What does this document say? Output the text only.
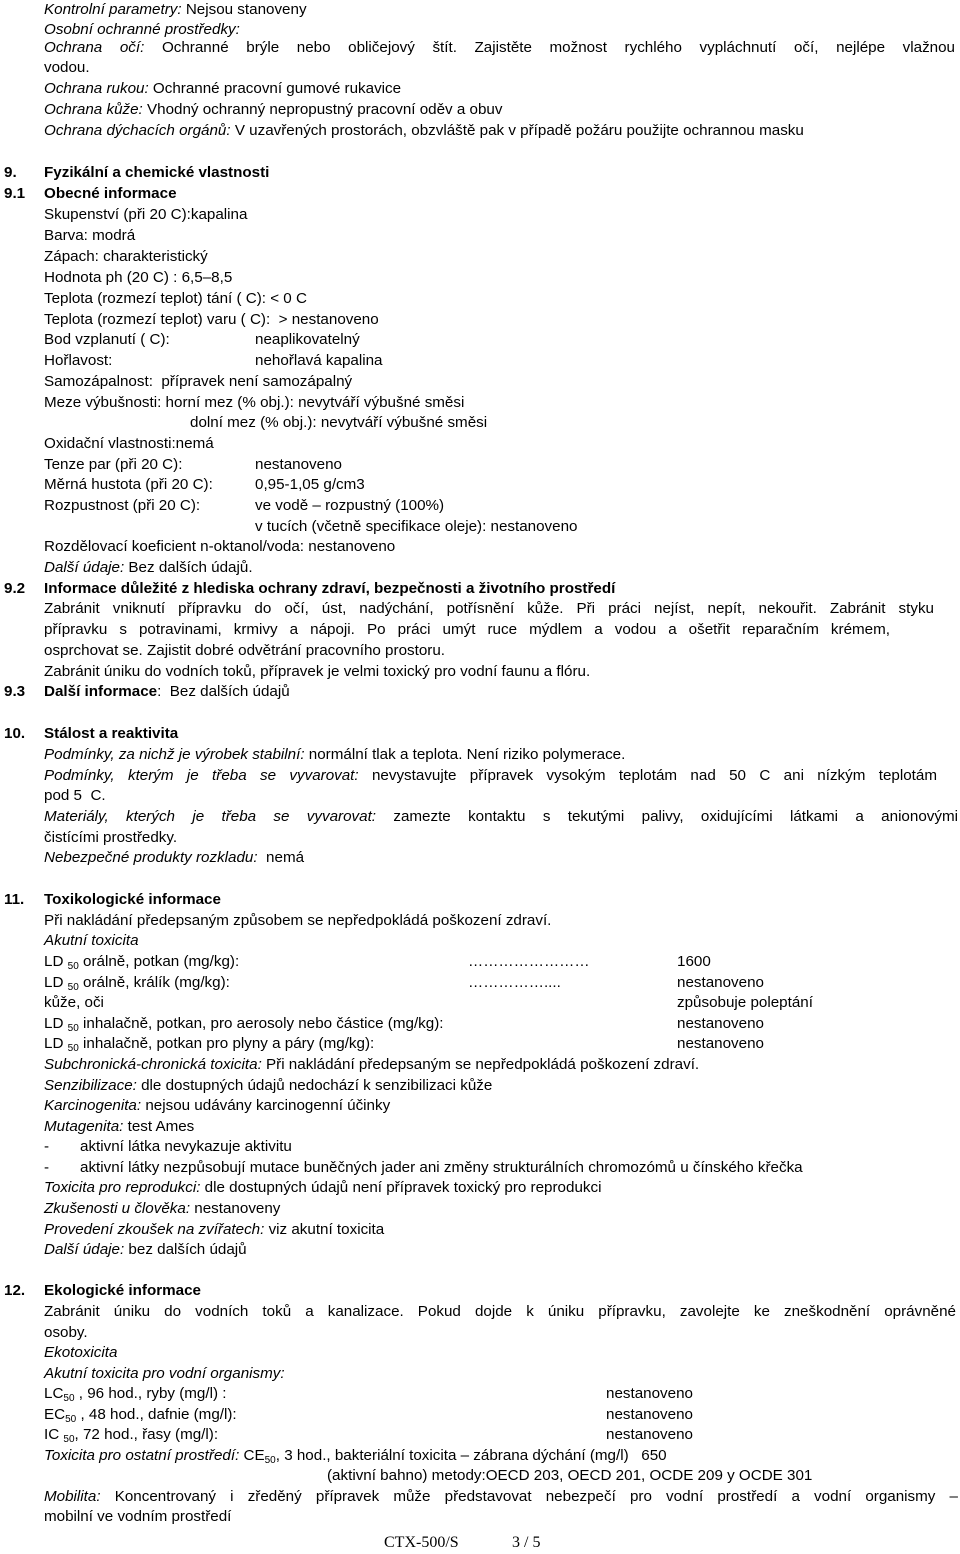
Kontrolní parametry: Nejsou stanoveny
Osobní ochranné prostředky:
Ochrana očí: Ochranné brýle nebo obličejový štít. Zajistěte možnost rychlého vypláchnutí očí, nejlépe vlažnou
vodou.
Ochrana rukou: Ochranné pracovní gumové rukavice
Ochrana kůže: Vhodný ochranný nepropustný pracovní oděv a obuv
Ochrana dýchacích orgánů: V uzavřených prostorách, obzvláště pak v případě požáru použijte ochrannou masku
9. Fyzikální a chemické vlastnosti
9.1 Obecné informace
Skupenství (při 20 C):kapalina
Barva: modrá
Zápach: charakteristický
Hodnota ph (20 C) : 6,5–8,5
Teplota (rozmezí teplot) tání ( C): < 0 C
Teplota (rozmezí teplot) varu ( C):  > nestanoveno
Bod vzplanutí ( C):	neaplikovatelný
Hořlavost:	nehořlavá kapalina
Samozápalnost:  přípravek není samozápalný
Meze výbušnosti: horní mez (% obj.): nevytváří výbušné směsi
dolní mez (% obj.): nevytváří výbušné směsi
Oxidační vlastnosti:nemá
Tenze par (při 20 C):	nestanoveno
Měrná hustota (při 20 C):	0,95-1,05 g/cm3
Rozpustnost (při 20 C):	ve vodě – rozpustný (100%)
v tucích (včetně specifikace oleje): nestanoveno
Rozdělovací koeficient n-oktanol/voda: nestanoveno
Další údaje: Bez dalších údajů.
9.2 Informace důležité z hlediska ochrany zdraví, bezpečnosti a životního prostředí
Zabránit vniknutí přípravku do očí, úst, nadýchání, potřísnění kůže. Při práci nejíst, nepít, nekouřit. Zabránit styku
přípravku s potravinami, krmivy a nápoji. Po práci umýt ruce mýdlem a vodou a ošetřit reparačním krémem,
osprchovat se. Zajistit dobré odvětrání pracovního prostoru.
Zabránit úniku do vodních toků, přípravek je velmi toxický pro vodní faunu a flóru.
9.3 Další informace:  Bez dalších údajů
10. Stálost a reaktivita
Podmínky, za nichž je výrobek stabilní: normální tlak a teplota. Není riziko polymerace.
Podmínky, kterým je třeba se vyvarovat: nevystavujte přípravek vysokým teplotám nad 50 C ani nízkým teplotám
pod 5  C.
Materiály, kterých je třeba se vyvarovat: zamezte kontaktu s tekutými palivy, oxidujícími látkami a anionovými
čistícími prostředky.
Nebezpečné produkty rozkladu:  nemá
11. Toxikologické informace
Při nakládání předepsaným způsobem se nepředpokládá poškození zdraví.
Akutní toxicita
LD $_{50}$ orálně, potkan (mg/kg):	……………………	1600
LD $_{50}$ orálně, králík (mg/kg):	……………....	nestanoveno
kůže, oči	způsobuje poleptání
LD $_{50}$ inhalačně, potkan, pro aerosoly nebo částice (mg/kg):	nestanoveno
LD $_{50}$ inhalačně, potkan pro plyny a páry (mg/kg):	nestanoveno
Subchronická-chronická toxicita: Při nakládání předepsaným se nepředpokládá poškození zdraví.
Senzibilizace: dle dostupných údajů nedochází k senzibilizaci kůže
Karcinogenita: nejsou udávány karcinogenní účinky
Mutagenita: test Ames
- aktivní látka nevykazuje aktivitu
- aktivní látky nezpůsobují mutace buněčných jader ani změny strukturálních chromozómů u čínského křečka
Toxicita pro reprodukci: dle dostupných údajů není přípravek toxický pro reprodukci
Zkušenosti u člověka: nestanoveny
Provedení zkoušek na zvířatech: viz akutní toxicita
Další údaje: bez dalších údajů
12. Ekologické informace
Zabránit úniku do vodních toků a kanalizace. Pokud dojde k úniku přípravku, zavolejte ke zneškodnění oprávněné
osoby.
Ekotoxicita
Akutní toxicita pro vodní organismy:
$LC_{50}$ , 96 hod., ryby (mg/l) :	nestanoveno
$EC_{50}$ , 48 hod., dafnie (mg/l):	nestanoveno
IC $_{50}$, 72 hod., řasy (mg/l):	nestanoveno
Toxicita pro ostatní prostředí: $CE_{50}$, 3 hod., bakteriální toxicita – zábrana dýchání (mg/l)   650
(aktivní bahno) metody:OECD 203, OECD 201, OCDE 209 y OCDE 301
Mobilita: Koncentrovaný i zředěný přípravek může představovat nebezpečí pro vodní prostředí a vodní organismy –
mobilní ve vodním prostředí
CTX-500/S	3 / 5
